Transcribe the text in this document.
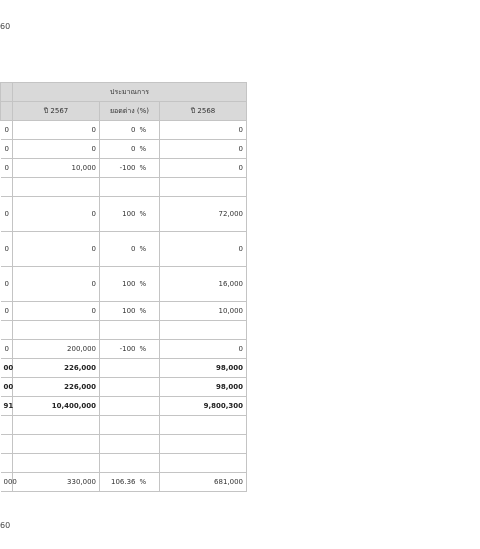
60
	ประมาณการ			
	ปี 2567	ยอดต่าง (%)		ปี 2568
0	0	0	%	0
0	0	0	%	0
0	10,000	-100	%	0

0	0	100	%	72,000
0	0	0	%	0
0	0	100	%	16,000
0	0	100	%	10,000

0	200,000	-100	%	0
00	226,000			98,000
00	226,000			98,000
91	10,400,000			9,800,300

000	330,000	106.36	%	681,000
60
